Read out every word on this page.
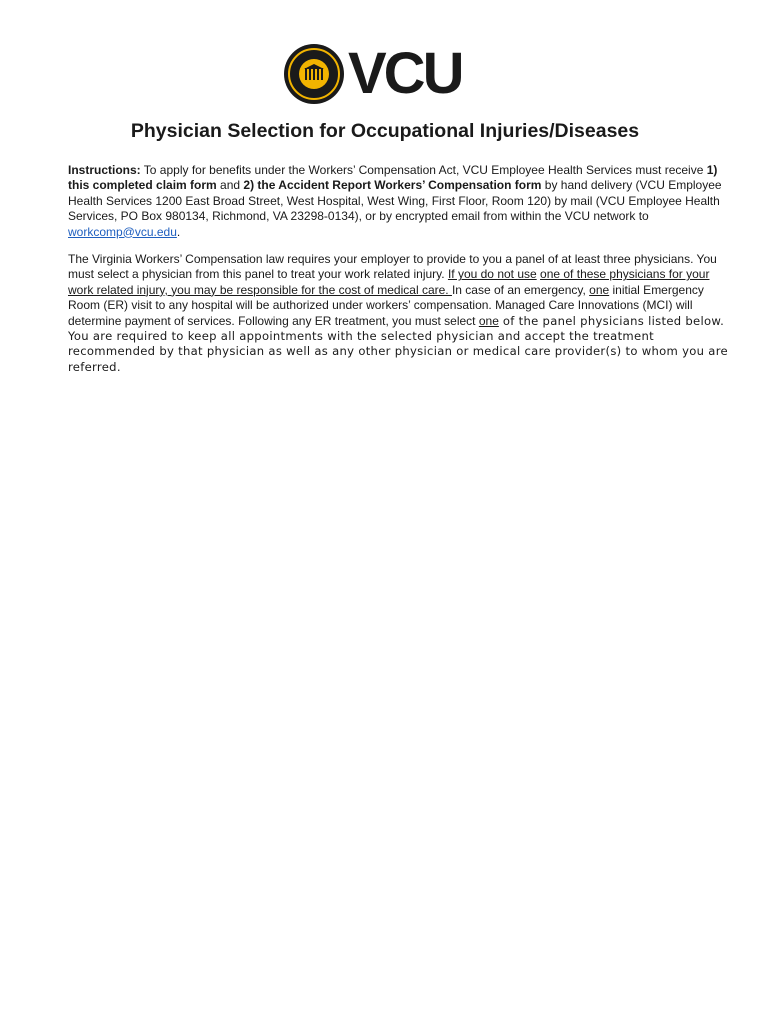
VCU
Physician Selection for Occupational Injuries/Diseases

Instructions: To apply for benefits under the Workers’ Compensation Act, VCU Employee Health Services must receive 1) this completed claim form and 2) the Accident Report Workers’ Compensation form by hand delivery (VCU Employee Health Services 1200 East Broad Street, West Hospital, West Wing, First Floor, Room 120) by mail (VCU Employee Health Services, PO Box 980134, Richmond, VA 23298-0134), or by encrypted email from within the VCU network to workcomp@vcu.edu.

The Virginia Workers’ Compensation law requires your employer to provide to you a panel of at least three physicians. You must select a physician from this panel to treat your work related injury. If you do not use one of these physicians for your work related injury, you may be responsible for the cost of medical care. In case of an emergency, one initial Emergency Room (ER) visit to any hospital will be authorized under workers’ compensation. Managed Care Innovations (MCI) will determine payment of services. Following any ER treatment, you must select one of the panel physicians listed below. You are required to keep all appointments with the selected physician and accept the treatment recommended by that physician as well as any other physician or medical care provider(s) to whom you are referred.
